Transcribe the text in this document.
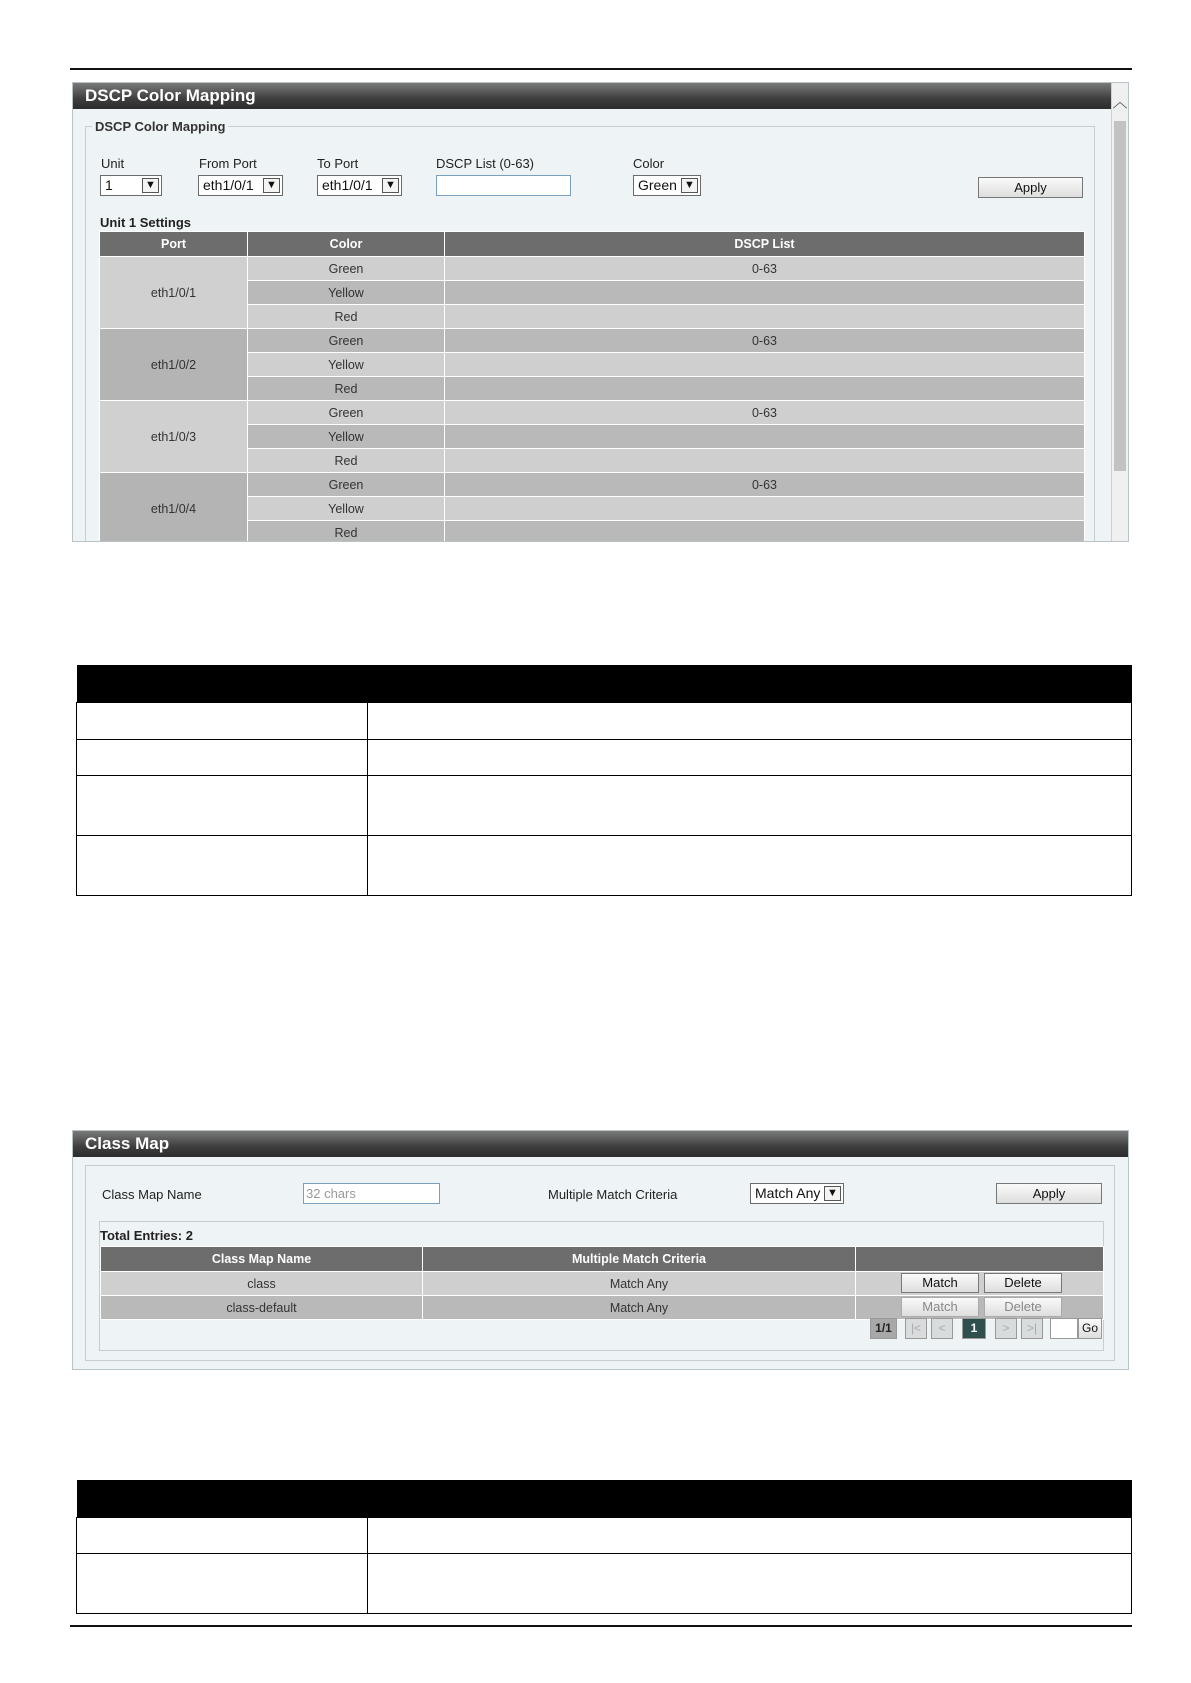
DSCP Color Mapping	︿
DSCP Color Mapping
Unit
1	▼
From Port
eth1/0/1 ▼
To Port
eth1/0/1 ▼
DSCP List (0-63)	Color
Green ▼	Apply
Unit 1 Settings
Port	Color	DSCP List
eth1/0/1	Green	0-63
	Yellow	
	Red	
eth1/0/2	Green	0-63
	Yellow	
	Red	
eth1/0/3	Green	0-63
	Yellow	
	Red	
eth1/0/4	Green	0-63
	Yellow	
	Red	

Class Map
Class Map Name	32 chars	Multiple Match Criteria	Match Any ▼	Apply
Total Entries: 2
Class Map Name	Multiple Match Criteria	
class	Match Any	Match Delete

class-default	Match Any	Match Delete
1/1	|<	<	1	>	>|	Go
